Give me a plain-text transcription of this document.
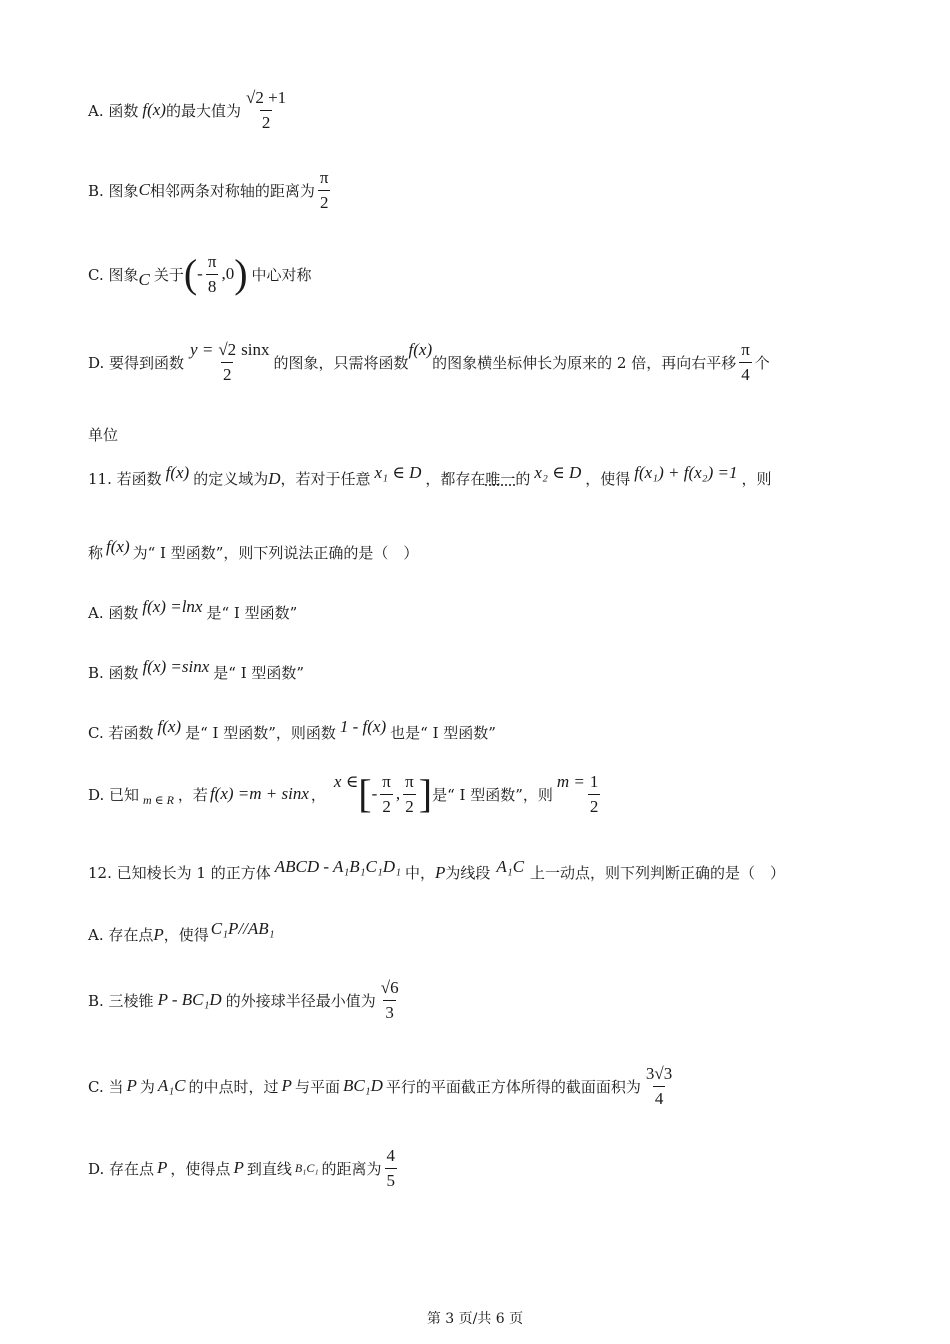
A. 函数 f(x) 的最大值为 $\frac{√2 +1}{2}$
B. 图象 C 相邻两条对称轴的距离为 $\frac{\pi}{2}$
C. 图象 C 关于 ( - $\frac{\pi}{8} ,0$ ) 中心对称
D. 要得到函数
$y = \frac{√2}{2}$ sinx
的图象，只需将函数
f(x)
的图象横坐标伸长为原来的 2 倍，再向右平移 $\frac{\pi}{4}$ 个
单位
11. 若函数 f(x) 的定义域为 D ，若对于任意 x₁ ∈ D ，都存在 唯一 的 x₂ ∈ D ，使得 f(x₁) + f(x₂) =1 ，则
称 f(x) 为“ I 型函数”，则下列说法正确的是（　）
A. 函数 f(x) =lnx 是“ I 型函数”
B. 函数 f(x) =sinx 是“ I 型函数”
C. 若函数 f(x) 是“ I 型函数”，则函数 1 - f(x) 也是“ I 型函数”
D. 已知 m ∈ R ，若 f(x) =m + sinx ，
x ∈ [ - $\frac{\pi}{2}$ , $\frac{\pi}{2}$ ] 是“ I 型函数”，则
$m = \frac{1}{2}$
12. 已知棱长为 1 的正方体 ABCD - A₁B₁C₁D₁ 中， P 为线段 A₁C 上一动点，则下列判断正确的是（　）
A. 存在点 P ，使得 C₁P//AB₁
B. 三棱锥 P - BC₁D 的外接球半径最小值为 $\frac{√6}{3}$
C. 当 P 为 A₁C 的中点时，过 P 与平面 BC₁D 平行的平面截正方体所得的截面面积为 $\frac{3√3}{4}$
D. 存在点 P ，使得点 P 到直线 B₁C₁ 的距离为 $\frac{4}{5}$
第 3 页/共 6 页
